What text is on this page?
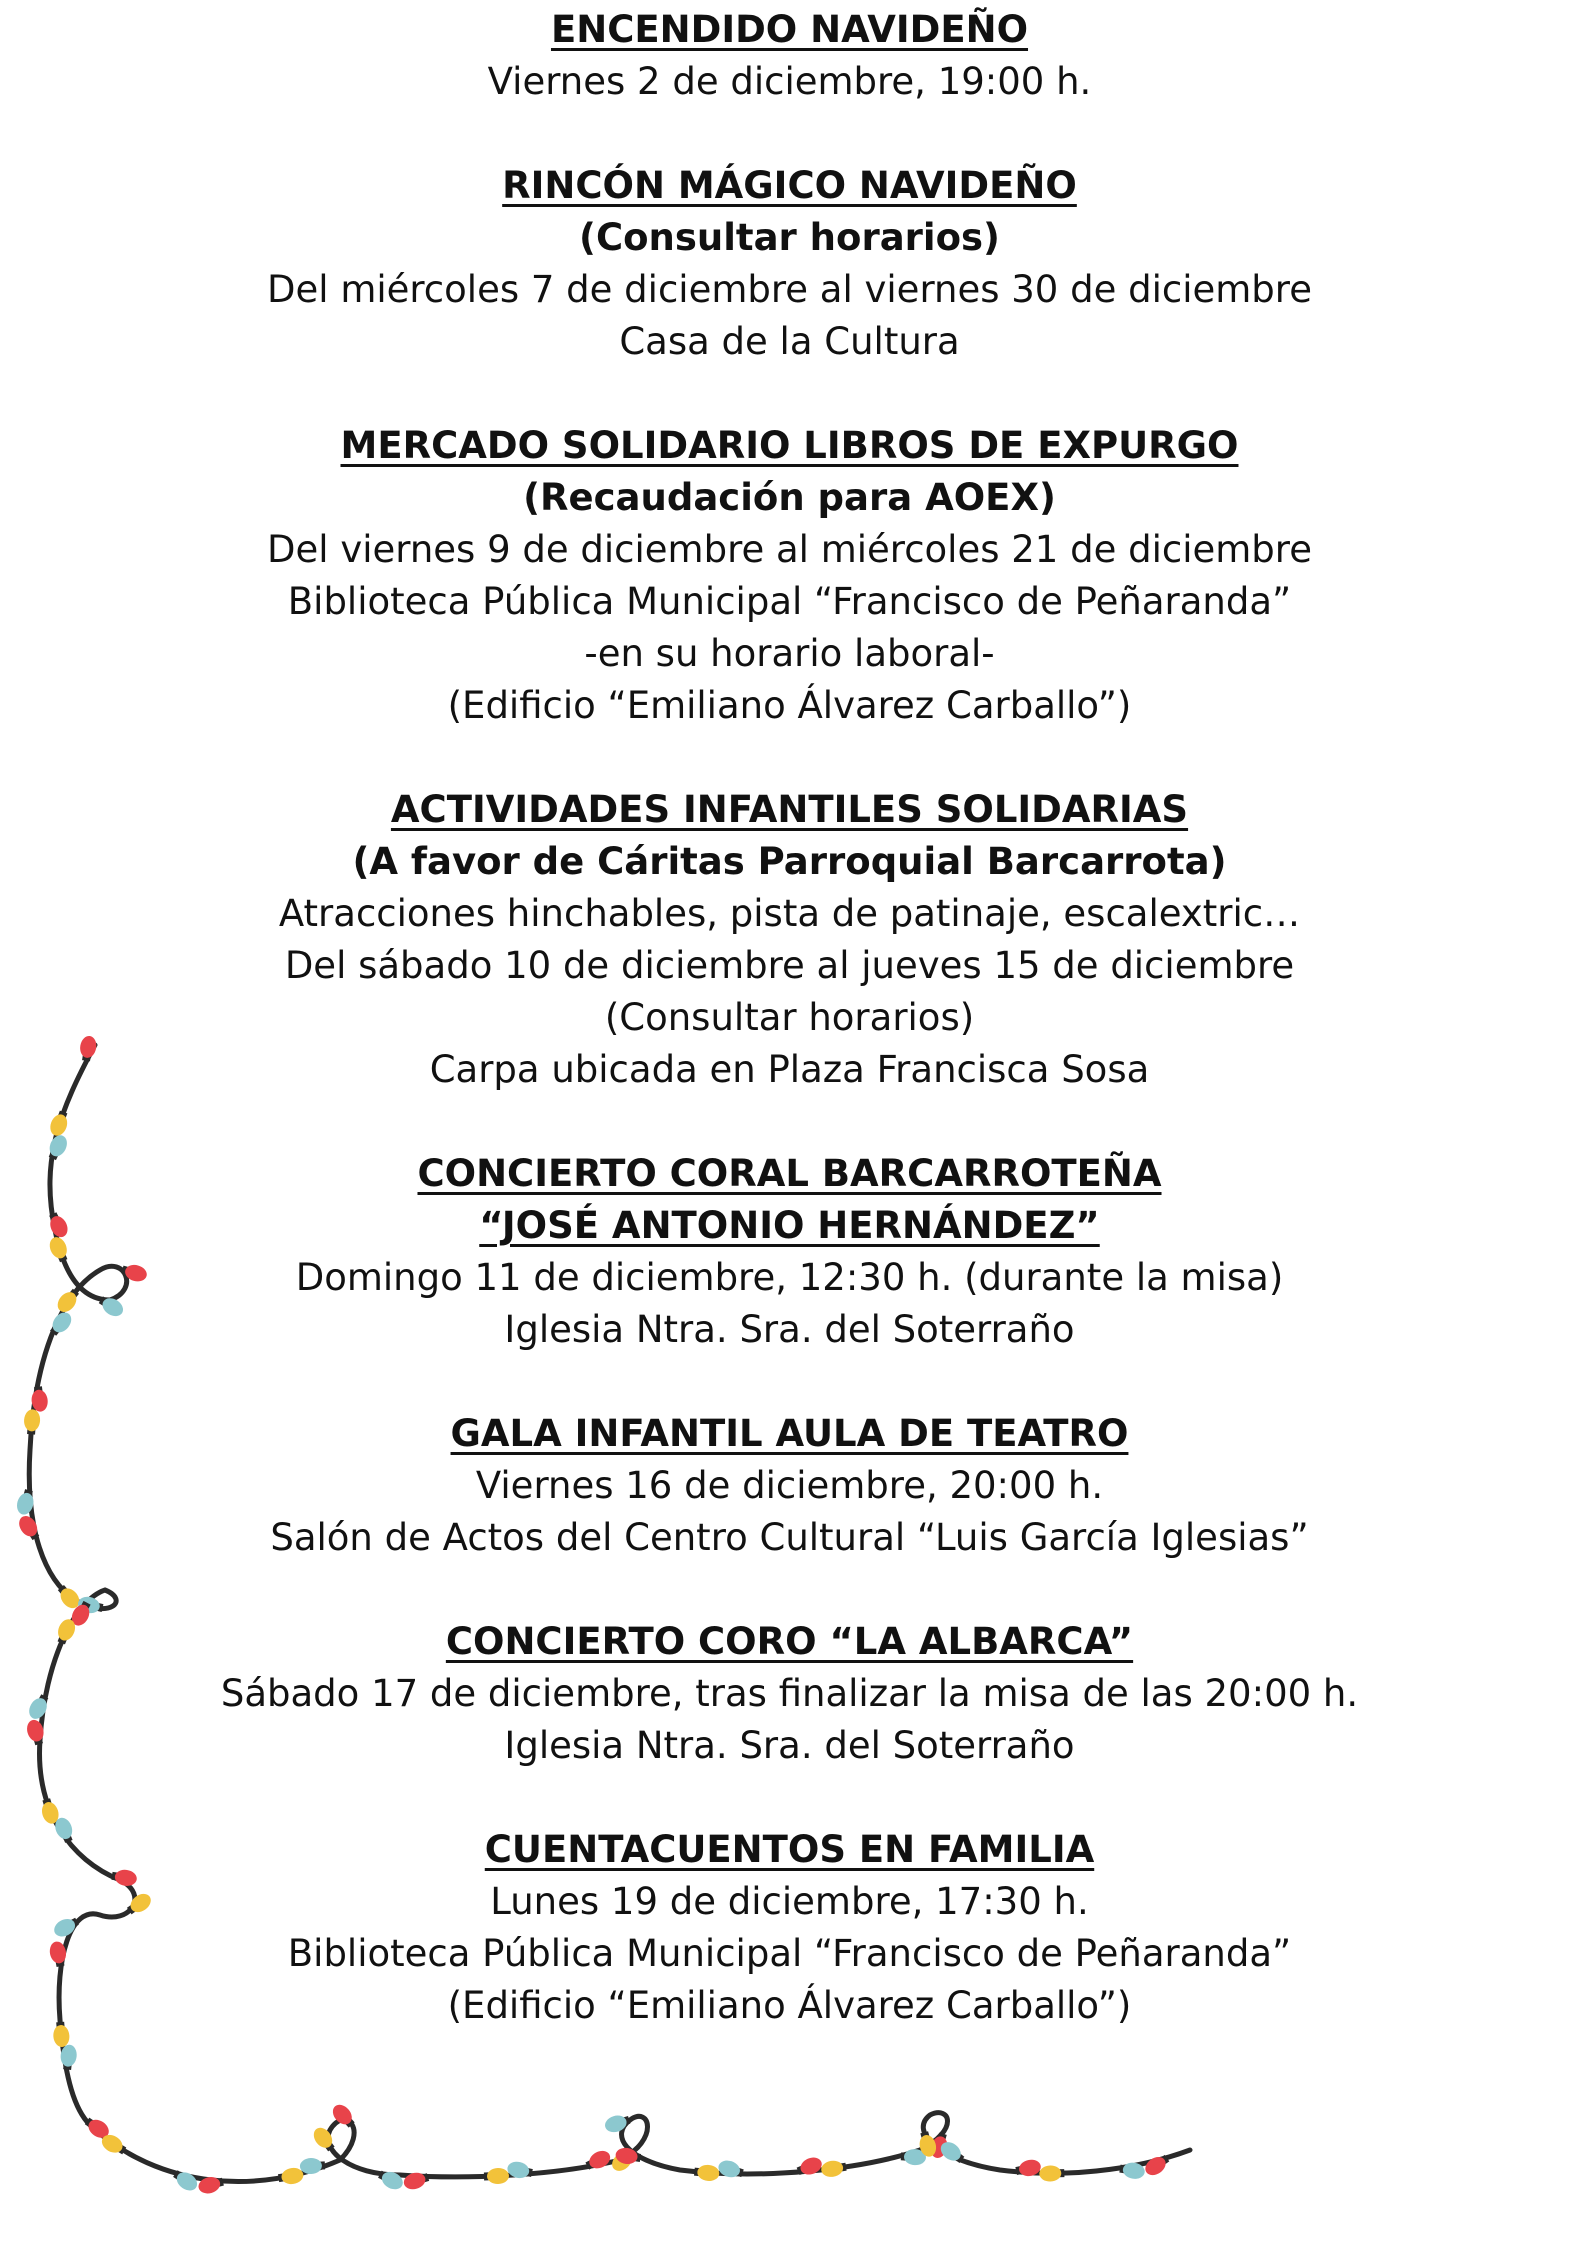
ENCENDIDO NAVIDEÑO
Viernes 2 de diciembre, 19:00 h.
RINCÓN MÁGICO NAVIDEÑO
(Consultar horarios)
Del miércoles 7 de diciembre al viernes 30 de diciembre
Casa de la Cultura
MERCADO SOLIDARIO LIBROS DE EXPURGO
(Recaudación para AOEX)
Del viernes 9 de diciembre al miércoles 21 de diciembre
Biblioteca Pública Municipal “Francisco de Peñaranda”
-en su horario laboral-
(Edificio “Emiliano Álvarez Carballo”)
ACTIVIDADES INFANTILES SOLIDARIAS
(A favor de Cáritas Parroquial Barcarrota)
Atracciones hinchables, pista de patinaje, escalextric…
Del sábado 10 de diciembre al jueves 15 de diciembre
(Consultar horarios)
Carpa ubicada en Plaza Francisca Sosa
CONCIERTO CORAL BARCARROTEÑA
“JOSÉ ANTONIO HERNÁNDEZ”
Domingo 11 de diciembre, 12:30 h. (durante la misa)
Iglesia Ntra. Sra. del Soterraño
GALA INFANTIL AULA DE TEATRO
Viernes 16 de diciembre, 20:00 h.
Salón de Actos del Centro Cultural “Luis García Iglesias”
CONCIERTO CORO “LA ALBARCA”
Sábado 17 de diciembre, tras finalizar la misa de las 20:00 h.
Iglesia Ntra. Sra. del Soterraño
CUENTACUENTOS EN FAMILIA
Lunes 19 de diciembre, 17:30 h.
Biblioteca Pública Municipal “Francisco de Peñaranda”
(Edificio “Emiliano Álvarez Carballo”)
